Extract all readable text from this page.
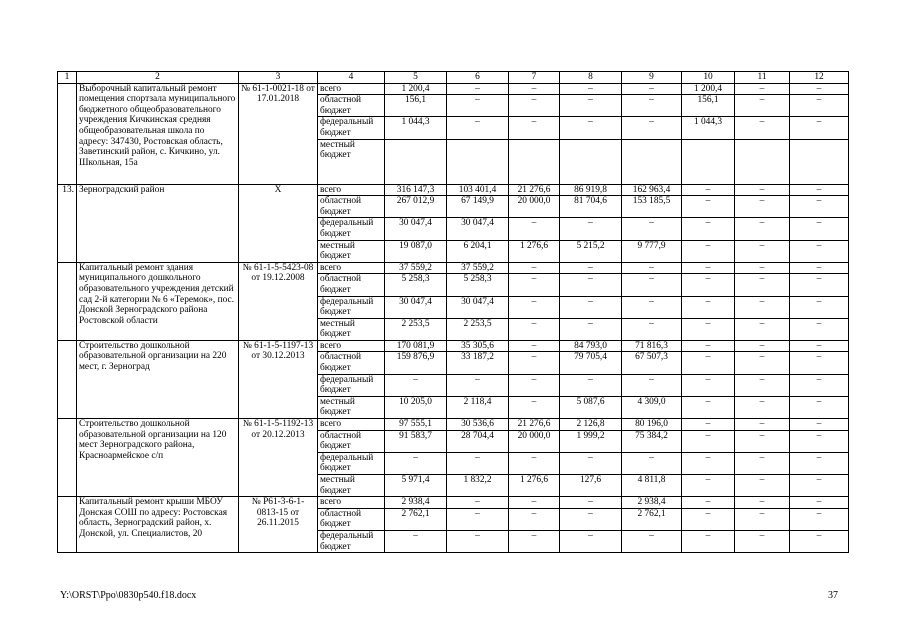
1	2	3	4	5	6	7	8	9	10	11	12
	Выборочный капитальный ремонт помещения спортзала муниципального бюджетного общеобразовательного учреждения Кичкинская средняя общеобразовательная школа по адресу: 347430, Ростовская область, Заветинский район, с. Кичкино, ул. Школьная, 15а	№ 61-1-0021-18 от 17.01.2018	всего	1 200,4	–	–	–	–	1 200,4	–	–
			областной бюджет	156,1	–	–	–	–	156,1	–	–
			федеральный бюджет	1 044,3	–	–	–	–	1 044,3	–	–
			местный бюджет								
13.	Зерноградский район	Х	всего	316 147,3	103 401,4	21 276,6	86 919,8	162 963,4	–	–	–
			областной бюджет	267 012,9	67 149,9	20 000,0	81 704,6	153 185,5	–	–	–
			федеральный бюджет	30 047,4	30 047,4	–	–	–	–	–	–
			местный бюджет	19 087,0	6 204,1	1 276,6	5 215,2	9 777,9	–	–	–
	Капитальный ремонт здания муниципального дошкольного образовательного учреждения детский сад 2-й категории № 6 «Теремок», пос. Донской Зерноградского района Ростовской области	№ 61-1-5-5423-08 от 19.12.2008	всего	37 559,2	37 559,2	–	–	–	–	–	–
			областной бюджет	5 258,3	5 258,3	–	–	–	–	–	–
			федеральный бюджет	30 047,4	30 047,4	–	–	–	–	–	–
			местный бюджет	2 253,5	2 253,5	–	–	–	–	–	–
	Строительство дошкольной образовательной организации на 220 мест, г. Зерноград	№ 61-1-5-1197-13 от 30.12.2013	всего	170 081,9	35 305,6	–	84 793,0	71 816,3	–	–	–
			областной бюджет	159 876,9	33 187,2	–	79 705,4	67 507,3	–	–	–
			федеральный бюджет	–	–	–	–	–	–	–	–
			местный бюджет	10 205,0	2 118,4	–	5 087,6	4 309,0	–	–	–
	Строительство дошкольной образовательной организации на 120 мест Зерноградского района, Красноармейское с/п	№ 61-1-5-1192-13 от 20.12.2013	всего	97 555,1	30 536,6	21 276,6	2 126,8	80 196,0	–	–	–
			областной бюджет	91 583,7	28 704,4	20 000,0	1 999,2	75 384,2	–	–	–
			федеральный бюджет	–	–	–	–	–	–	–	–
			местный бюджет	5 971,4	1 832,2	1 276,6	127,6	4 811,8	–	–	–
	Капитальный ремонт крыши МБОУ Донская СОШ по адресу: Ростовская область, Зерноградский район, х. Донской, ул. Специалистов, 20	№ Р61-3-6-1-0813-15 от 26.11.2015	всего	2 938,4	–	–	–	2 938,4	–	–	–
			областной бюджет	2 762,1	–	–	–	2 762,1	–	–	–
			федеральный бюджет	–	–	–	–	–	–	–	–
Y:\ORST\Ppo\0830p540.f18.docx	37
